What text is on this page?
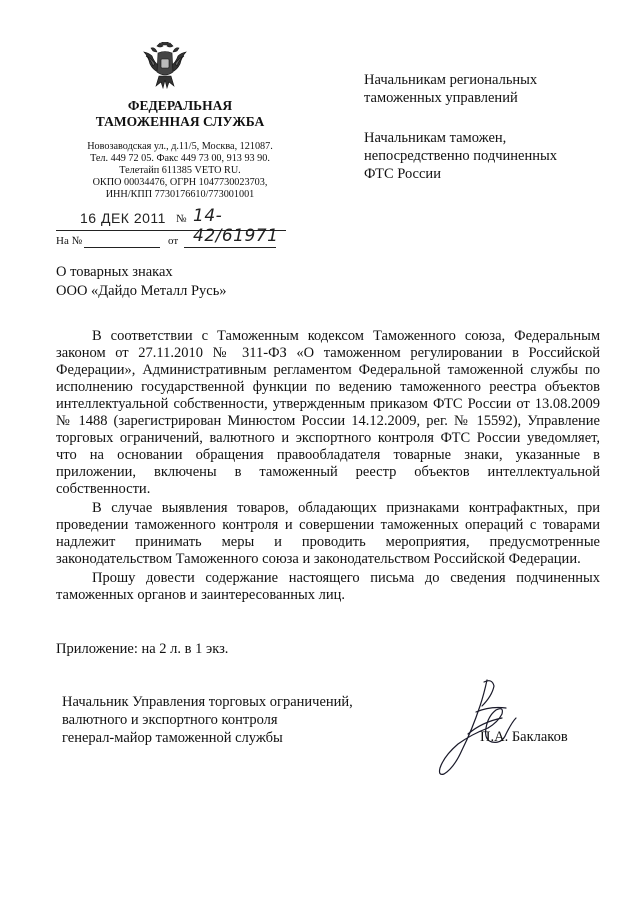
ФЕДЕРАЛЬНАЯ
ТАМОЖЕННАЯ СЛУЖБА
Новозаводская ул., д.11/5, Москва, 121087.
Тел. 449 72 05. Факс 449 73 00, 913 93 90.
Телетайп 611385 VETO RU.
ОКПО 00034476, ОГРН 1047730023703,
ИНН/КПП 7730176610/773001001
16 ДЕК 2011 № 14-42/61971
На №	от
Начальникам региональных
таможенных управлений
Начальникам таможен,
непосредственно подчиненных
ФТС России
О товарных знаках
ООО «Дайдо Металл Русь»

В соответствии с Таможенным кодексом Таможенного союза, Федеральным законом от 27.11.2010 № 311-ФЗ «О таможенном регулировании в Российской Федерации», Административным регламентом Федеральной таможенной службы по исполнению государственной функции по ведению таможенного реестра объектов интеллектуальной собственности, утвержденным приказом ФТС России от 13.08.2009 № 1488 (зарегистрирован Минюстом России 14.12.2009, рег. № 15592), Управление торговых ограничений, валютного и экспортного контроля ФТС России уведомляет, что на основании обращения правообладателя товарные знаки, указанные в приложении, включены в таможенный реестр объектов интеллектуальной собственности.

В случае выявления товаров, обладающих признаками контрафактных, при проведении таможенного контроля и совершении таможенных операций с товарами надлежит принимать меры и проводить мероприятия, предусмотренные законодательством Таможенного союза и законодательством Российской Федерации.

Прошу довести содержание настоящего письма до сведения подчиненных таможенных органов и заинтересованных лиц.

Приложение: на 2 л. в 1 экз.
Начальник Управления торговых ограничений,
валютного и экспортного контроля
генерал-майор таможенной службы	П.А. Баклаков
